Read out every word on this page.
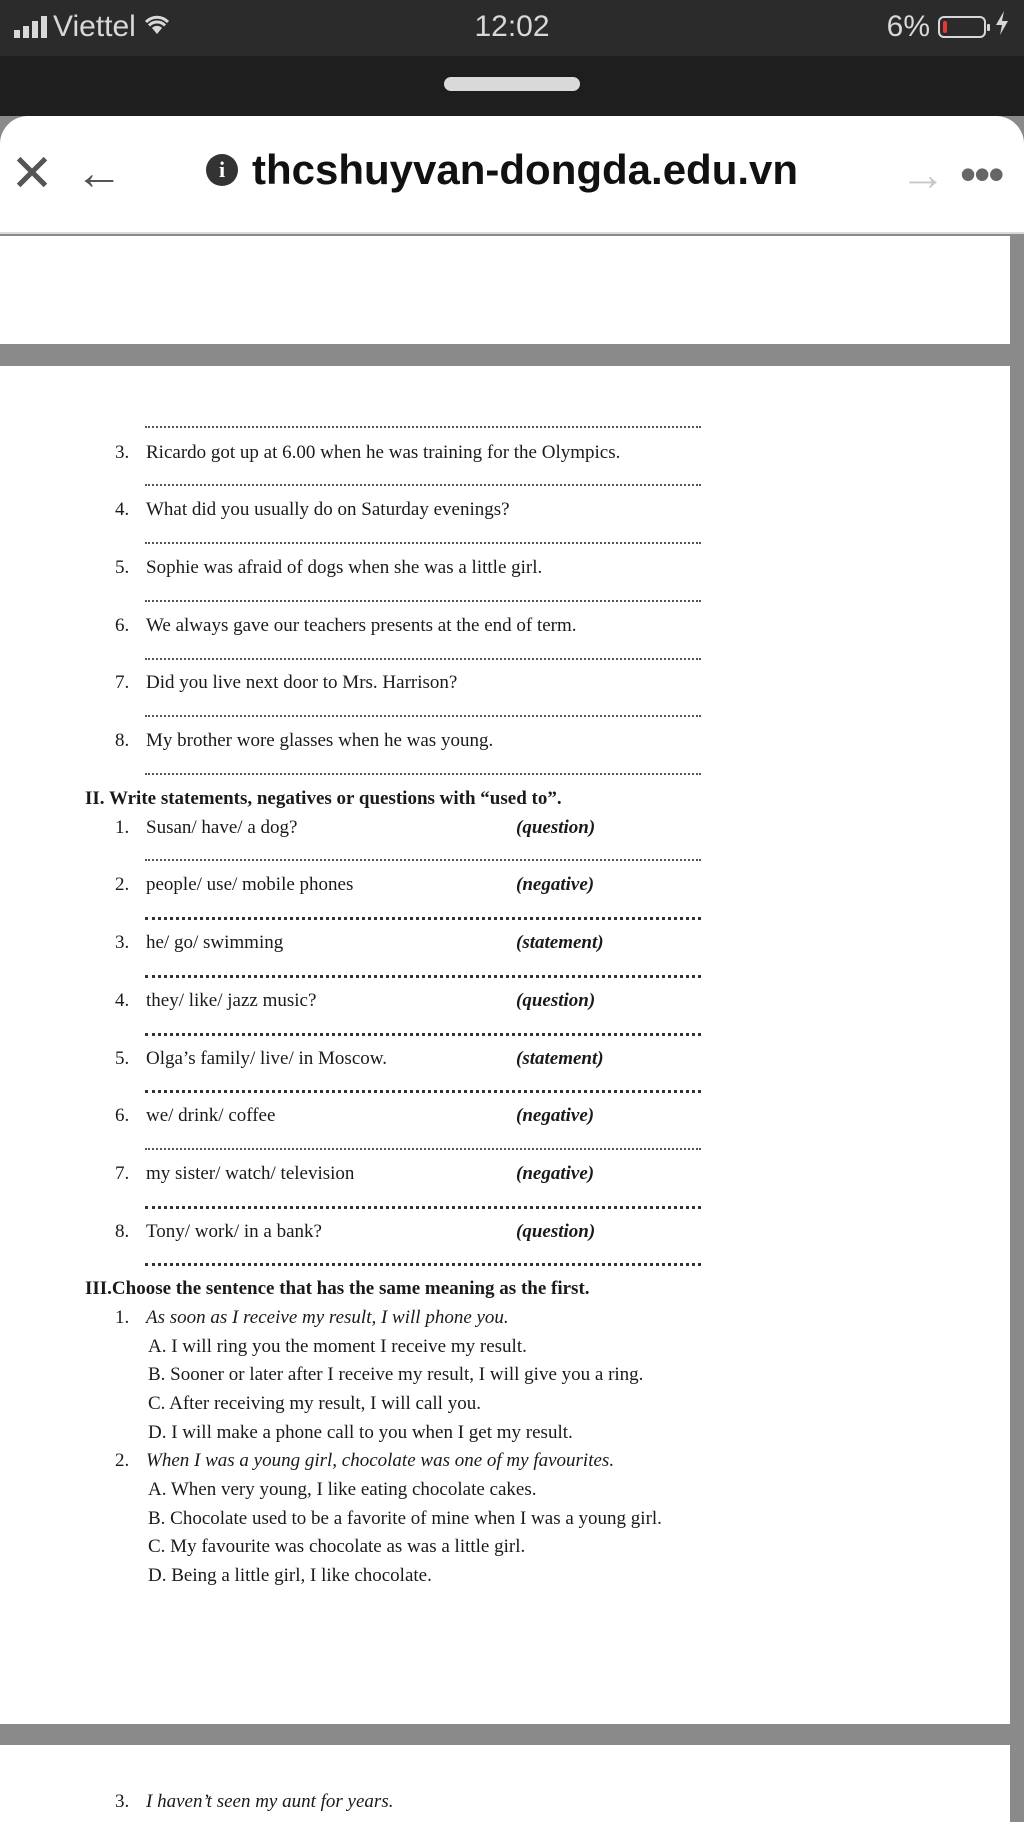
Viettel	12:02	6%
✕ ←	i thcshuyvan-dongda.edu.vn → •••
3. Ricardo got up at 6.00 when he was training for the Olympics.
4. What did you usually do on Saturday evenings?
5. Sophie was afraid of dogs when she was a little girl.
6. We always gave our teachers presents at the end of term.
7. Did you live next door to Mrs. Harrison?
8. My brother wore glasses when he was young.
II. Write statements, negatives or questions with “used to”.
1. Susan/ have/ a dog?	(question)
2. people/ use/ mobile phones	(negative)
3. he/ go/ swimming	(statement)
4. they/ like/ jazz music?	(question)
5. Olga’s family/ live/ in Moscow.	(statement)
6. we/ drink/ coffee	(negative)
7. my sister/ watch/ television	(negative)
8. Tony/ work/ in a bank?	(question)
III.Choose the sentence that has the same meaning as the first.
1. As soon as I receive my result, I will phone you.
A. I will ring you the moment I receive my result.
B. Sooner or later after I receive my result, I will give you a ring.
C. After receiving my result, I will call you.
D. I will make a phone call to you when I get my result.
2. When I was a young girl, chocolate was one of my favourites.
A. When very young, I like eating chocolate cakes.
B. Chocolate used to be a favorite of mine when I was a young girl.
C. My favourite was chocolate as was a little girl.
D. Being a little girl, I like chocolate.
3. I haven’t seen my aunt for years.
